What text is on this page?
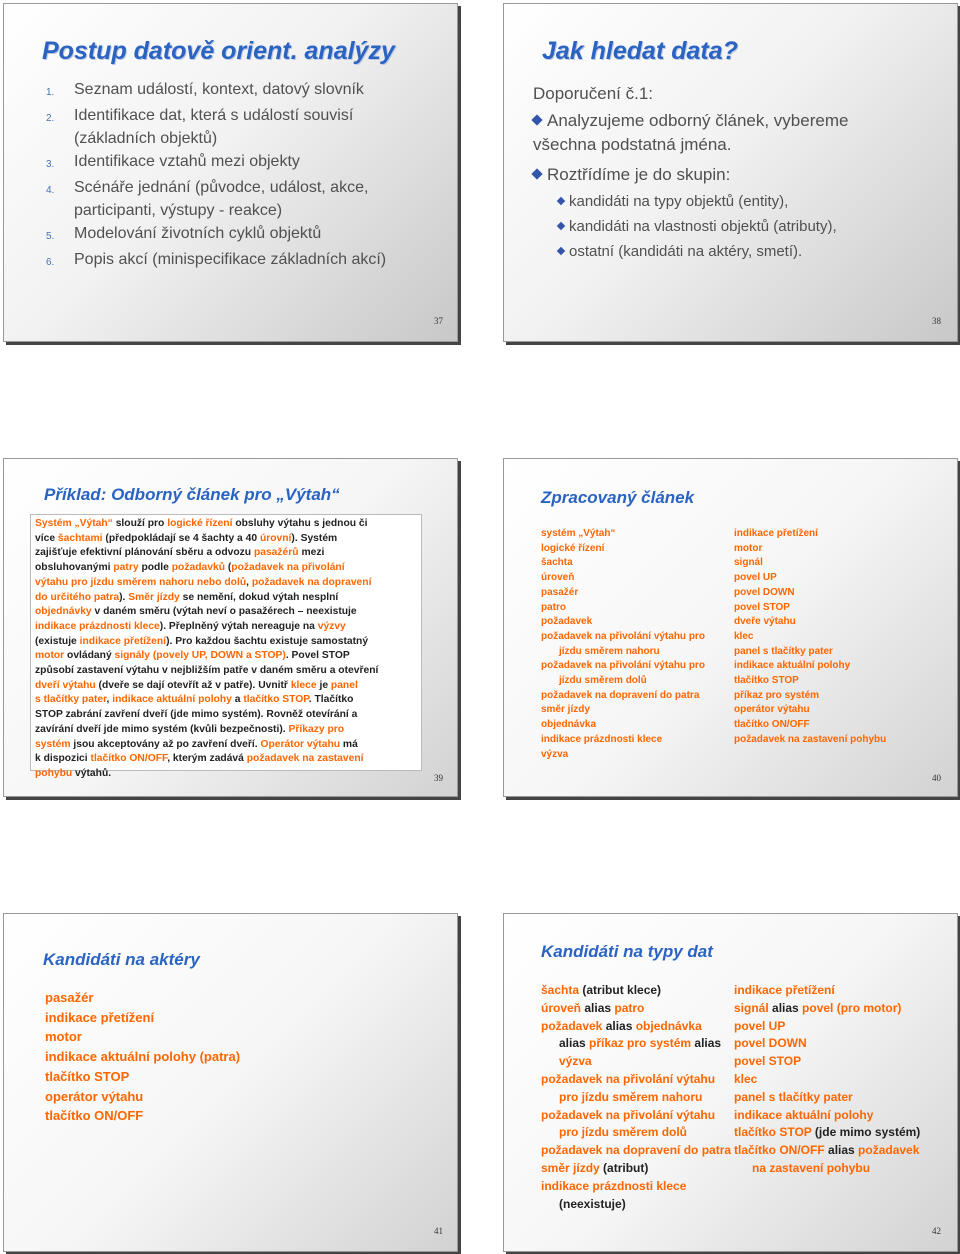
Postup datově orient. analýzy
1.	Seznam událostí, kontext, datový slovník
2.	Identifikace dat, která s událostí souvisí
(základních objektů)
3.	Identifikace vztahů mezi objekty
4.	Scénáře jednání (původce, událost, akce,
participanti, výstupy - reakce)
5.	Modelování životních cyklů objektů
6.	Popis akcí (minispecifikace základních akcí)
37
Jak hledat data?
Doporučení č.1:
Analyzujeme odborný článek, vybereme
všechna podstatná jména.
Roztřídíme je do skupin:
kandidáti na typy objektů (entity),
kandidáti na vlastnosti objektů (atributy),
ostatní (kandidáti na aktéry, smetí).
38
Příklad: Odborný článek pro „Výtah“
Systém „Výtah“ slouží pro logické řízení obsluhy výtahu s jednou či
více šachtami (předpokládají se 4 šachty a 40 úrovní). Systém
zajišťuje efektivní plánování sběru a odvozu pasažérů mezi
obsluhovanými patry podle požadavků (požadavek na přivolání
výtahu pro jízdu směrem nahoru nebo dolů, požadavek na dopravení
do určitého patra). Směr jízdy se nemění, dokud výtah nesplní
objednávky v daném směru (výtah neví o pasažérech – neexistuje
indikace prázdnosti klece). Přeplněný výtah nereaguje na výzvy
(existuje indikace přetížení). Pro každou šachtu existuje samostatný
motor ovládaný signály (povely UP, DOWN a STOP). Povel STOP
způsobí zastavení výtahu v nejbližším patře v daném směru a otevření
dveří výtahu (dveře se dají otevřít až v patře). Uvnitř klece je panel
s tlačítky pater, indikace aktuální polohy a tlačítko STOP. Tlačítko
STOP zabrání zavření dveří (jde mimo systém). Rovněž otevírání a
zavírání dveří jde mimo systém (kvůli bezpečnosti). Příkazy pro
systém jsou akceptovány až po zavření dveří. Operátor výtahu má
k dispozici tlačítko ON/OFF, kterým zadává požadavek na zastavení
pohybu výtahů.	39
Zpracovaný článek
systém „Výtah“
logické řízení
šachta
úroveň
pasažér
patro
požadavek
požadavek na přivolání výtahu pro
jízdu směrem nahoru
požadavek na přivolání výtahu pro
jízdu směrem dolů
požadavek na dopravení do patra
směr jízdy
objednávka
indikace prázdnosti klece
výzva
indikace přetížení
motor
signál
povel UP
povel DOWN
povel STOP
dveře výtahu
klec
panel s tlačítky pater
indikace aktuální polohy
tlačítko STOP
příkaz pro systém
operátor výtahu
tlačítko ON/OFF
požadavek na zastavení pohybu
40
Kandidáti na aktéry
pasažér
indikace přetížení
motor
indikace aktuální polohy (patra)
tlačítko STOP
operátor výtahu
tlačítko ON/OFF
41
Kandidáti na typy dat
šachta (atribut klece)
úroveň alias patro
požadavek alias objednávka
alias příkaz pro systém alias
výzva
požadavek na přivolání výtahu
pro jízdu směrem nahoru
požadavek na přivolání výtahu
pro jízdu směrem dolů
požadavek na dopravení do patra
směr jízdy (atribut)
indikace prázdnosti klece
(neexistuje)
indikace přetížení
signál alias povel (pro motor)
povel UP
povel DOWN
povel STOP
klec
panel s tlačítky pater
indikace aktuální polohy
tlačítko STOP (jde mimo systém)
tlačítko ON/OFF alias požadavek
na zastavení pohybu
42
